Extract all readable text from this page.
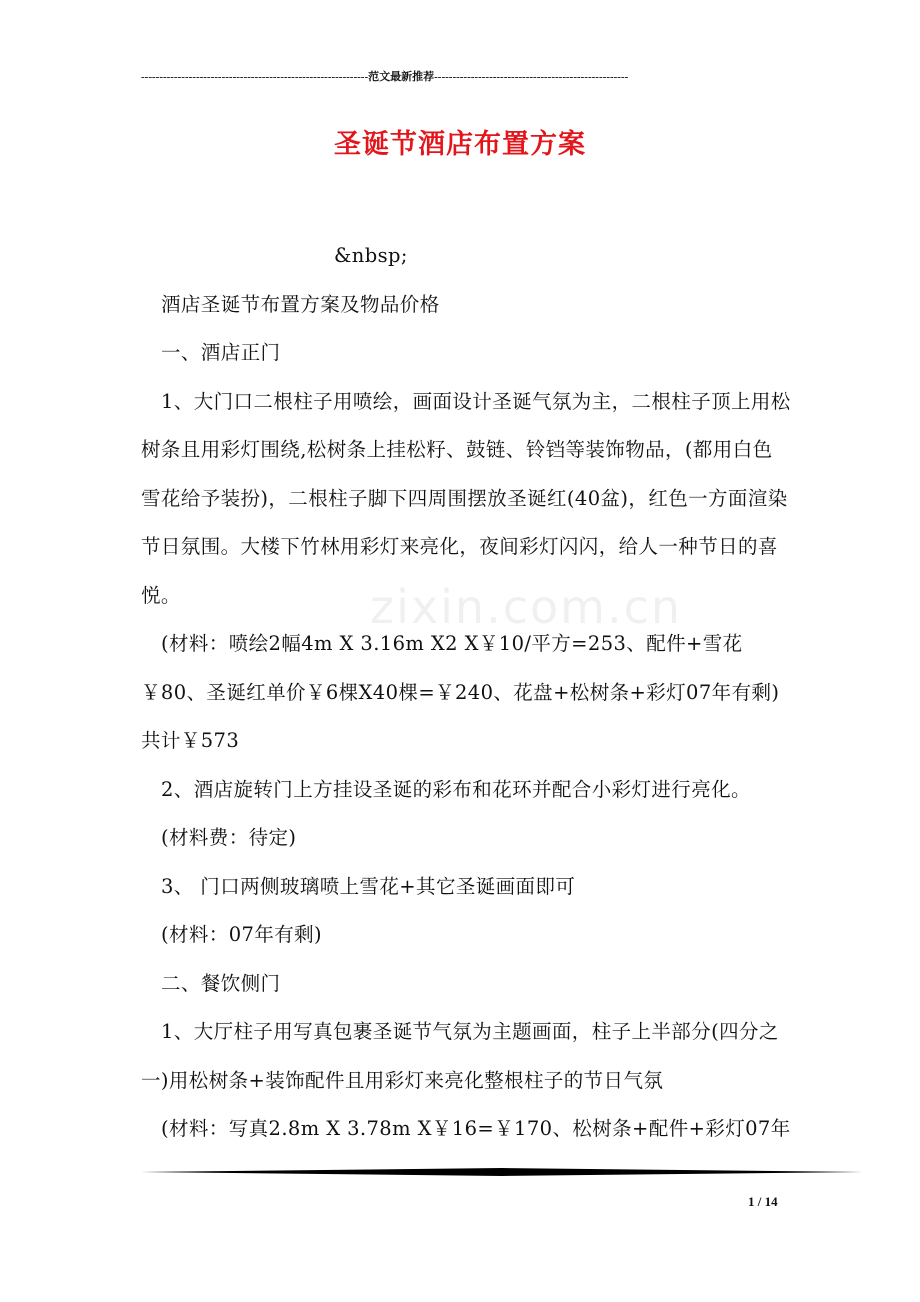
--------------------------------------------------------------范文最新推荐-----------------------------------------------------
圣诞节酒店布置方案
zixin.com.cn

&nbsp;

酒店圣诞节布置方案及物品价格

一、酒店正门

1、大门口二根柱子用喷绘，画面设计圣诞气氛为主，二根柱子顶上用松树条且用彩灯围绕,松树条上挂松籽、鼓链、铃铛等装饰物品，(都用白色雪花给予装扮)，二根柱子脚下四周围摆放圣诞红(40盆)，红色一方面渲染节日氛围。大楼下竹林用彩灯来亮化，夜间彩灯闪闪，给人一种节日的喜悦。

(材料：喷绘2幅4m X 3.16m X2 X￥10/平方=253、配件+雪花￥80、圣诞红单价￥6棵X40棵=￥240、花盘+松树条+彩灯07年有剩)共计￥573

2、酒店旋转门上方挂设圣诞的彩布和花环并配合小彩灯进行亮化。

(材料费：待定)

3、 门口两侧玻璃喷上雪花+其它圣诞画面即可

(材料：07年有剩)

二、餐饮侧门

1、大厅柱子用写真包裹圣诞节气氛为主题画面，柱子上半部分(四分之一)用松树条+装饰配件且用彩灯来亮化整根柱子的节日气氛

(材料：写真2.8m X 3.78m X￥16=￥170、松树条+配件+彩灯07年

1 / 14
